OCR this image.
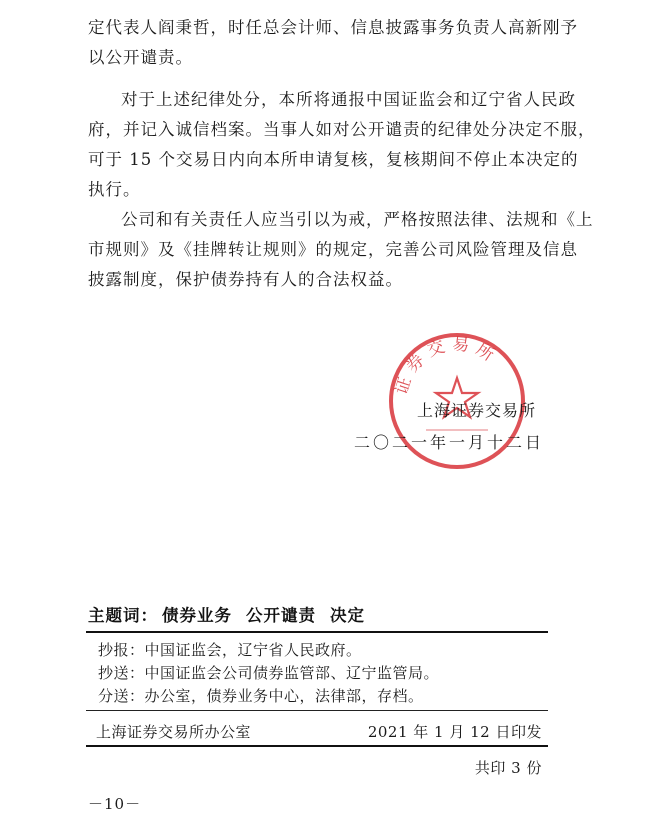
定代表人阎秉哲，时任总会计师、信息披露事务负责人高新刚予
以公开谴责。

对于上述纪律处分，本所将通报中国证监会和辽宁省人民政
府，并记入诚信档案。当事人如对公开谴责的纪律处分决定不服，
可于 15 个交易日内向本所申请复核，复核期间不停止本决定的
执行。

公司和有关责任人应当引以为戒，严格按照法律、法规和《上
市规则》及《挂牌转让规则》的规定，完善公司风险管理及信息
披露制度，保护债券持有人的合法权益。

证券交易所
上海证券交易所
二〇二一年一月十二日
主题词： 债券业务 公开谴责 决定
抄报：中国证监会，辽宁省人民政府。
抄送：中国证监会公司债券监管部、辽宁监管局。
分送：办公室，债券业务中心，法律部，存档。
上海证券交易所办公室	2021 年 1 月 12 日印发
共印 3 份
－10－
